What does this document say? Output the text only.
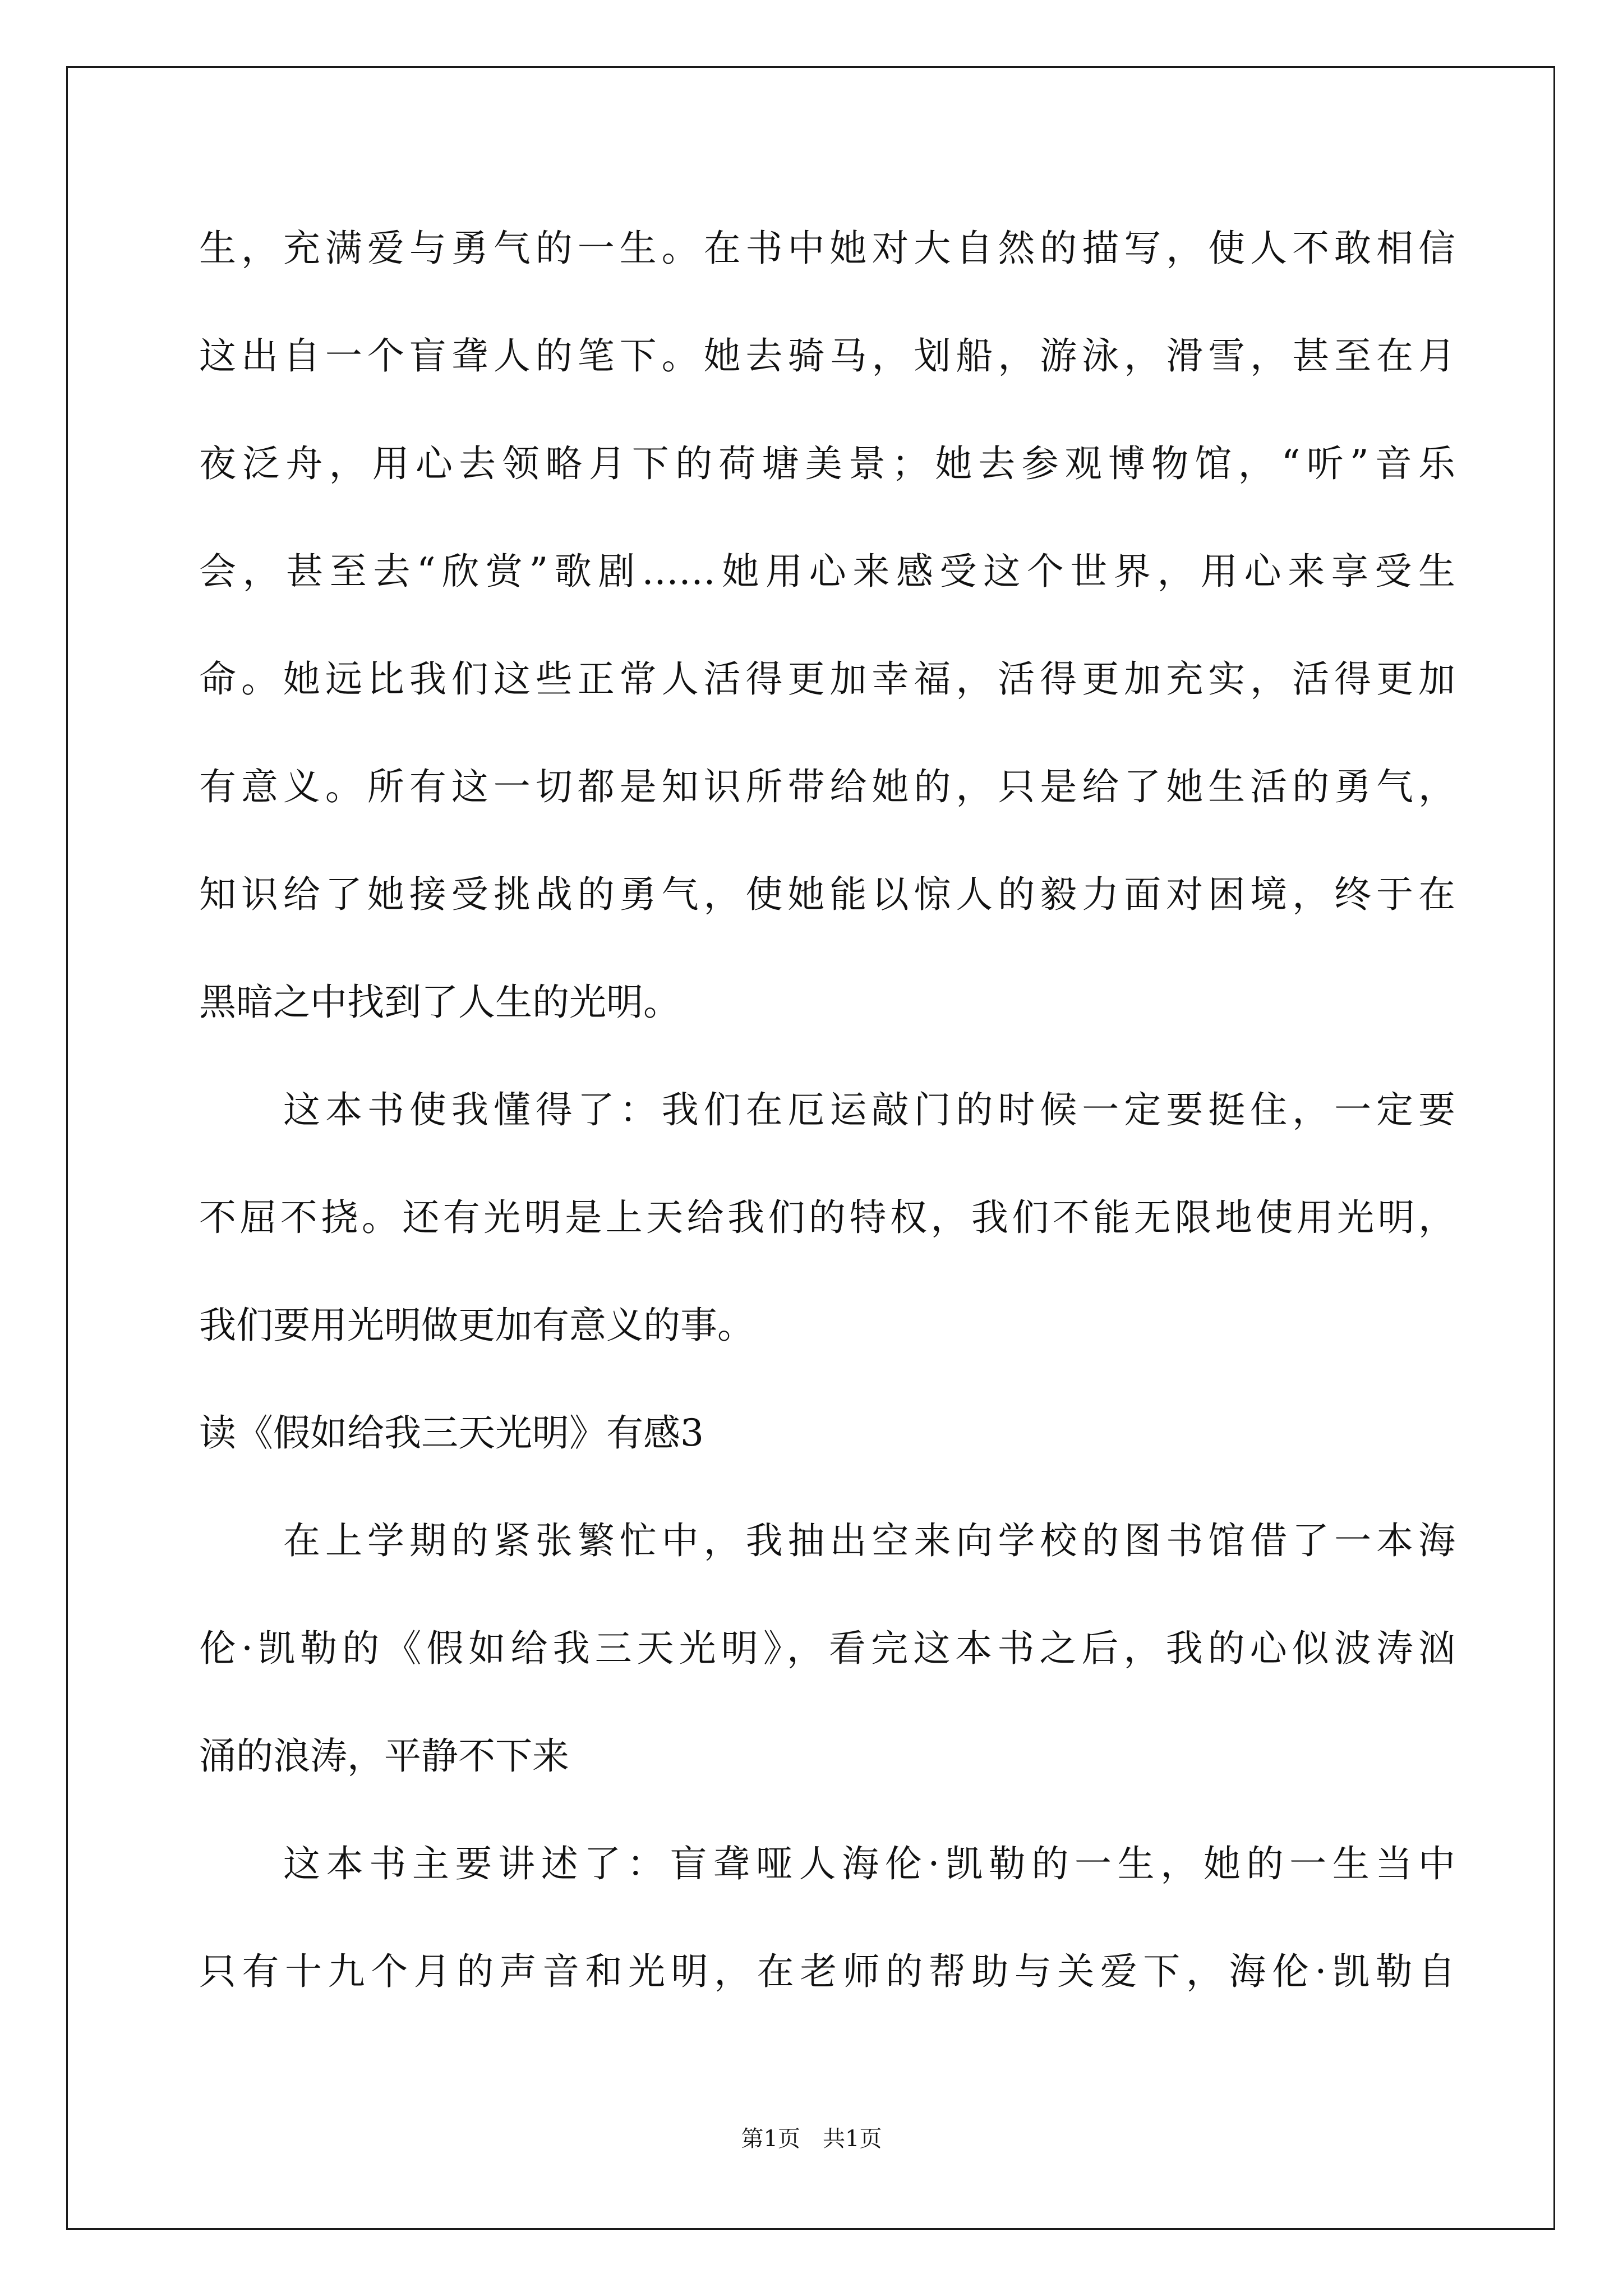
生，充满爱与勇气的一生。在书中她对大自然的描写，使人不敢相信

这出自一个盲聋人的笔下。她去骑马，划船，游泳，滑雪，甚至在月

夜泛舟，用心去领略月下的荷塘美景；她去参观博物馆，“听”音乐

会，甚至去“欣赏”歌剧……她用心来感受这个世界，用心来享受生

命。她远比我们这些正常人活得更加幸福，活得更加充实，活得更加

有意义。所有这一切都是知识所带给她的，只是给了她生活的勇气，

知识给了她接受挑战的勇气，使她能以惊人的毅力面对困境，终于在

黑暗之中找到了人生的光明。

这本书使我懂得了：我们在厄运敲门的时候一定要挺住，一定要

不屈不挠。还有光明是上天给我们的特权，我们不能无限地使用光明，

我们要用光明做更加有意义的事。

读《假如给我三天光明》有感3

在上学期的紧张繁忙中，我抽出空来向学校的图书馆借了一本海

伦·凯勒的《假如给我三天光明》，看完这本书之后，我的心似波涛汹

涌的浪涛，平静不下来

这本书主要讲述了：盲聋哑人海伦·凯勒的一生，她的一生当中

只有十九个月的声音和光明，在老师的帮助与关爱下，海伦·凯勒自

第1页　共1页
